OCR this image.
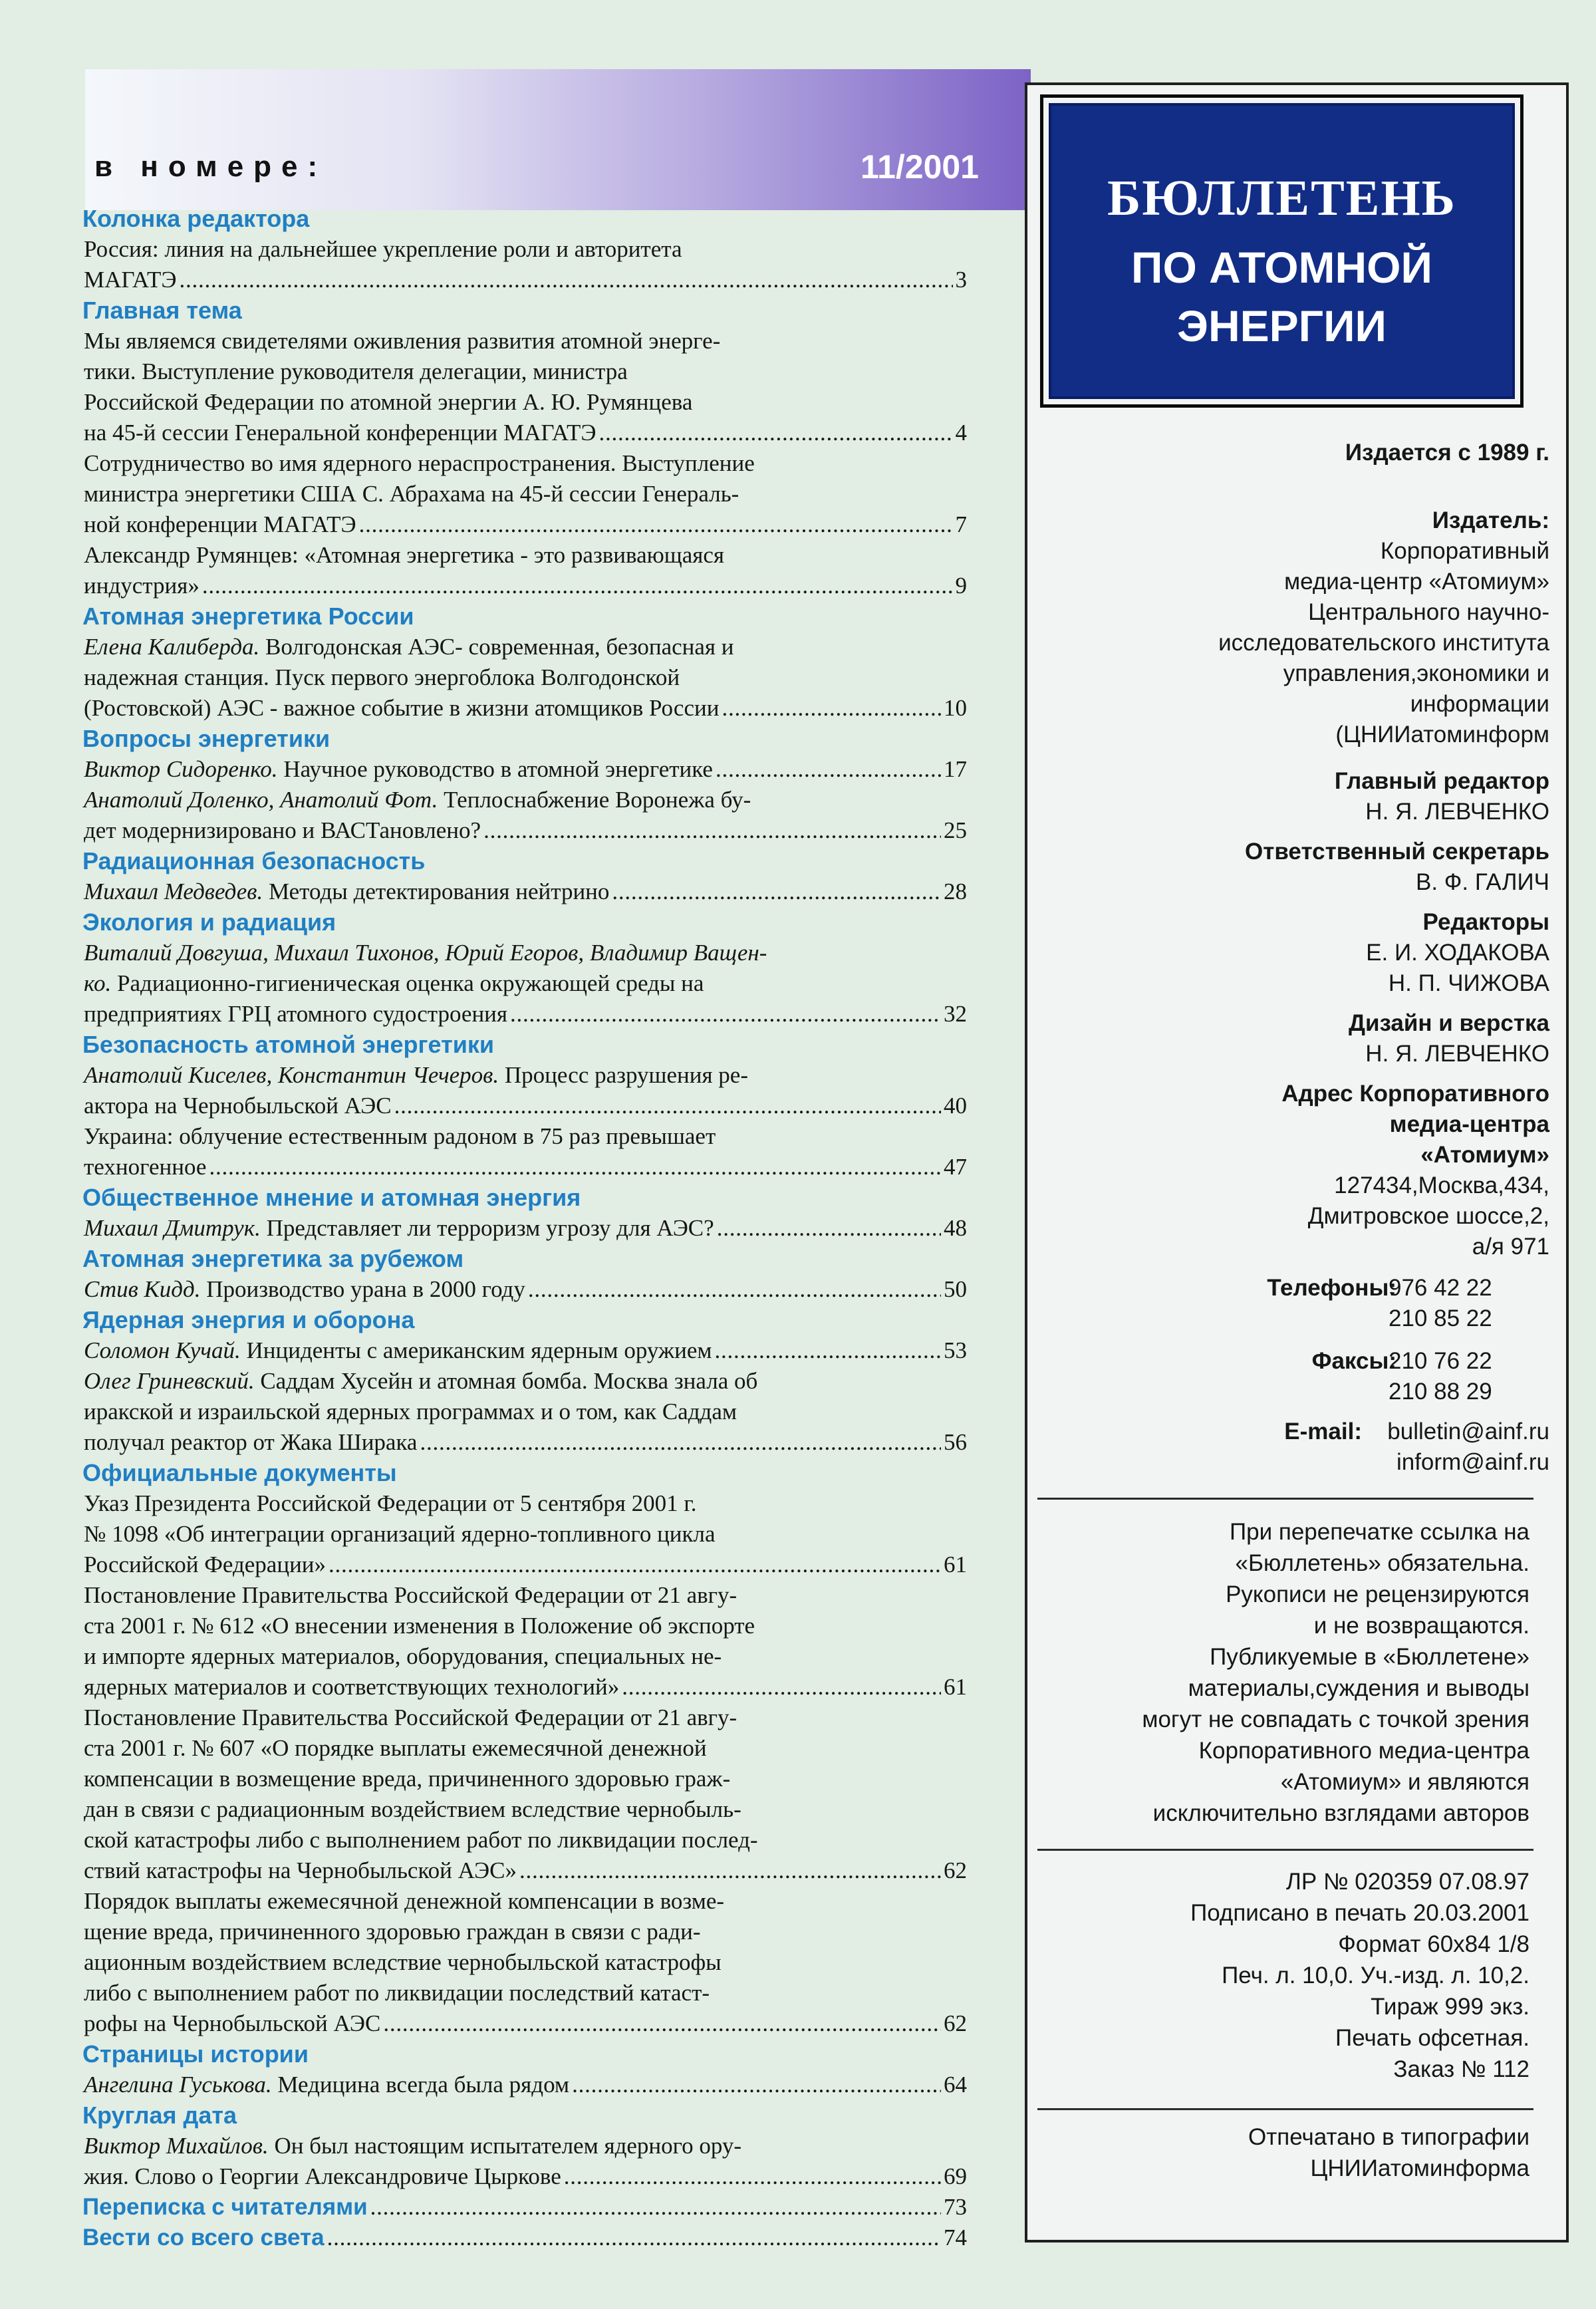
в номере:	11/2001
Колонка редактора
Россия: линия на дальнейшее укрепление роли и авторитета
МАГАТЭ . . .	3
Главная тема
Мы являемся свидетелями оживления развития атомной энерге-
тики. Выступление руководителя делегации, министра
Российской Федерации по атомной энергии А. Ю. Румянцева
на 45-й сессии Генеральной конференции МАГАТЭ . . .	4
Сотрудничество во имя ядерного нераспространения. Выступление
министра энергетики США С. Абрахама на 45-й сессии Генераль-
ной конференции МАГАТЭ . . .	7
Александр Румянцев: «Атомная энергетика - это развивающаяся
индустрия» . . .	9
Атомная энергетика России
Елена Калиберда. Волгодонская АЭС- современная, безопасная и
надежная станция. Пуск первого энергоблока Волгодонской
(Ростовской) АЭС - важное событие в жизни атомщиков России . . .	10
Вопросы энергетики
Виктор Сидоренко. Научное руководство в атомной энергетике . . .	17
Анатолий Доленко, Анатолий Фот. Теплоснабжение Воронежа бу-
дет модернизировано и ВАСТановлено? . . .	25
Радиационная безопасность
Михаил Медведев. Методы детектирования нейтрино . . .	28
Экология и радиация
Виталий Довгуша, Михаил Тихонов, Юрий Егоров, Владимир Ващен-
ко. Радиационно-гигиеническая оценка окружающей среды на
предприятиях ГРЦ атомного судостроения . . .	32
Безопасность атомной энергетики
Анатолий Киселев, Константин Чечеров. Процесс разрушения ре-
актора на Чернобыльской АЭС . . .	40
Украина: облучение естественным радоном в 75 раз превышает
техногенное . . .	47
Общественное мнение и атомная энергия
Михаил Дмитрук. Представляет ли терроризм угрозу для АЭС? . . .	48
Атомная энергетика за рубежом
Стив Кидд. Производство урана в 2000 году . . .	50
Ядерная энергия и оборона
Соломон Кучай. Инциденты с американским ядерным оружием . . .	53
Олег Гриневский. Саддам Хусейн и атомная бомба. Москва знала об
иракской и израильской ядерных программах и о том, как Саддам
получал реактор от Жака Ширака . . .	56
Официальные документы
Указ Президента Российской Федерации от 5 сентября 2001 г.
№ 1098 «Об интеграции организаций ядерно-топливного цикла
Российской Федерации» . . .	61
Постановление Правительства Российской Федерации от 21 авгу-
ста 2001 г. № 612 «О внесении изменения в Положение об экспорте
и импорте ядерных материалов, оборудования, специальных не-
ядерных материалов и соответствующих технологий» . . .	61
Постановление Правительства Российской Федерации от 21 авгу-
ста 2001 г. № 607 «О порядке выплаты ежемесячной денежной
компенсации в возмещение вреда, причиненного здоровью граж-
дан в связи с радиационным воздействием вследствие чернобыль-
ской катастрофы либо с выполнением работ по ликвидации послед-
ствий катастрофы на Чернобыльской АЭС» . . .	62
Порядок выплаты ежемесячной денежной компенсации в возме-
щение вреда, причиненного здоровью граждан в связи с ради-
ационным воздействием вследствие чернобыльской катастрофы
либо с выполнением работ по ликвидации последствий катаст-
рофы на Чернобыльской АЭС . . .	62
Страницы истории
Ангелина Гуськова. Медицина всегда была рядом . . .	64
Круглая дата
Виктор Михайлов. Он был настоящим испытателем ядерного ору-
жия. Слово о Георгии Александровиче Цыркове . . .	69
Переписка с читателями . . .	73
Вести со всего света . . .	74
БЮЛЛЕТЕНЬ
ПО АТОМНОЙ
ЭНЕРГИИ
Издается с 1989 г.
Издатель:
Корпоративный
медиа-центр «Атомиум»
Центрального научно-
исследовательского института
управления,экономики и
информации
(ЦНИИатоминформ
Главный редактор
Н. Я. ЛЕВЧЕНКО
Ответственный секретарь
В. Ф. ГАЛИЧ
Редакторы
Е. И. ХОДАКОВА
Н. П. ЧИЖОВА
Дизайн и верстка
Н. Я. ЛЕВЧЕНКО
Адрес Корпоративного
медиа-центра
«Атомиум»
127434,Москва,434,
Дмитровское шоссе,2,
а/я 971
Телефоны:
976 42 22
210 85 22
Факсы:
210 76 22
210 88 29
E-mail: bulletin@ainf.ru
inform@ainf.ru
При перепечатке ссылка на
«Бюллетень» обязательна.
Рукописи не рецензируются
и не возвращаются.
Публикуемые в «Бюллетене»
материалы,суждения и выводы
могут не совпадать с точкой зрения
Корпоративного медиа-центра
«Атомиум» и являются
исключительно взглядами авторов
ЛР № 020359 07.08.97
Подписано в печать 20.03.2001
Формат 60х84 1/8
Печ. л. 10,0. Уч.-изд. л. 10,2.
Тираж 999 экз.
Печать офсетная.
Заказ № 112
Отпечатано в типографии
ЦНИИатоминформа
